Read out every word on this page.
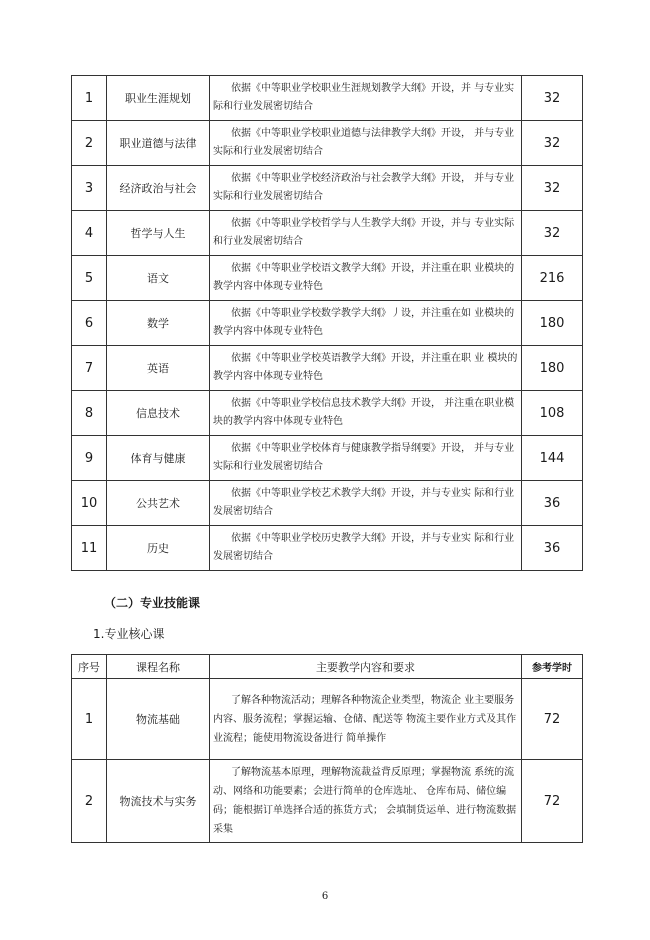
1	职业生涯规划	依据《中等职业学校职业生涯规划教学大纲》开设，并 与专业实际和行业发展密切结合	32
2	职业道德与法律	依据《中等职业学校职业道德与法律教学大纲》开设， 并与专业实际和行业发展密切结合	32
3	经济政治与社会	依据《中等职业学校经济政治与社会教学大纲》开设， 并与专业实际和行业发展密切结合	32
4	哲学与人生	依据《中等职业学校哲学与人生教学大纲》开设，并与 专业实际和行业发展密切结合	32
5	语文	依据《中等职业学校语文教学大纲》开设，并注重在职 业模块的教学内容中体现专业特色	216
6	数学	依据《中等职业学校数学教学大纲》丿设，并注重在如 业模块的教学内容中体现专业特色	180
7	英语	依据《中等职业学校英语教学大纲》开设，并注重在职 业 模块的 教学内容中体现专业特色	180
8	信息技术	依据《中等职业学校信息技术教学大纲》开设， 并注重在职业模块的教学内容中体现专业特色	108
9	体育与健康	依据《中等职业学校体育与健康教学指导纲要》开设， 并与专业实际和行业发展密切结合	144
10	公共艺术	依据《中等职业学校艺术教学大纲》开设，并与专业实 际和行业发展密切结合	36
11	历史	依据《中等职业学校历史教学大纲》开设，并与专业实 际和行业发展密切结合	36
（二）专业技能课
1.专业核心课
序号	课程名称	主要教学内容和要求	参考学时
1	物流基础	了解各种物流活动；理解各种物流企业类型，物流企 业主要服务内容、服务流程；掌握运输、仓储、配送等 物流主要作业方式及其作业流程；能使用物流设备进行 简单操作	72
2	物流技术与实务	了解物流基本原理，理解物流裁益背反原理；掌握物流 系统的流动、网络和功能要素；会进行简单的仓库选址、 仓库布局、储位编码；能根据订单选择合适的拣货方式； 会填制货运单、进行物流数据采集	72
6
